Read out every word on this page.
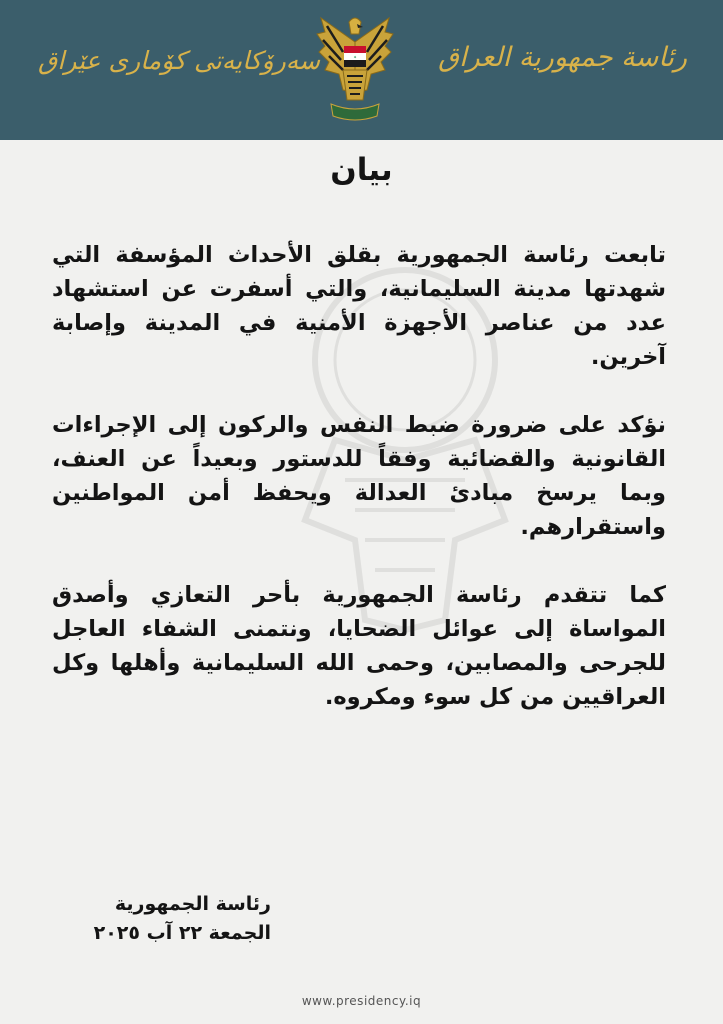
سەرۆکایەتی کۆماری عێراق	✦	رئاسة جمهورية العراق
بيان

تابعت رئاسة الجمهورية بقلق الأحداث المؤسفة التي شهدتها مدينة السليمانية، والتي أسفرت عن استشهاد عدد من عناصر الأجهزة الأمنية في المدينة وإصابة آخرين.

نؤكد على ضرورة ضبط النفس والركون إلى الإجراءات القانونية والقضائية وفقاً للدستور وبعيداً عن العنف، وبما يرسخ مبادئ العدالة ويحفظ أمن المواطنين واستقرارهم.

كما تتقدم رئاسة الجمهورية بأحر التعازي وأصدق المواساة إلى عوائل الضحايا، ونتمنى الشفاء العاجل للجرحى والمصابين، وحمى الله السليمانية وأهلها وكل العراقيين من كل سوء ومكروه.

رئاسة الجمهورية
الجمعة ٢٢ آب ٢٠٢٥
www.presidency.iq
